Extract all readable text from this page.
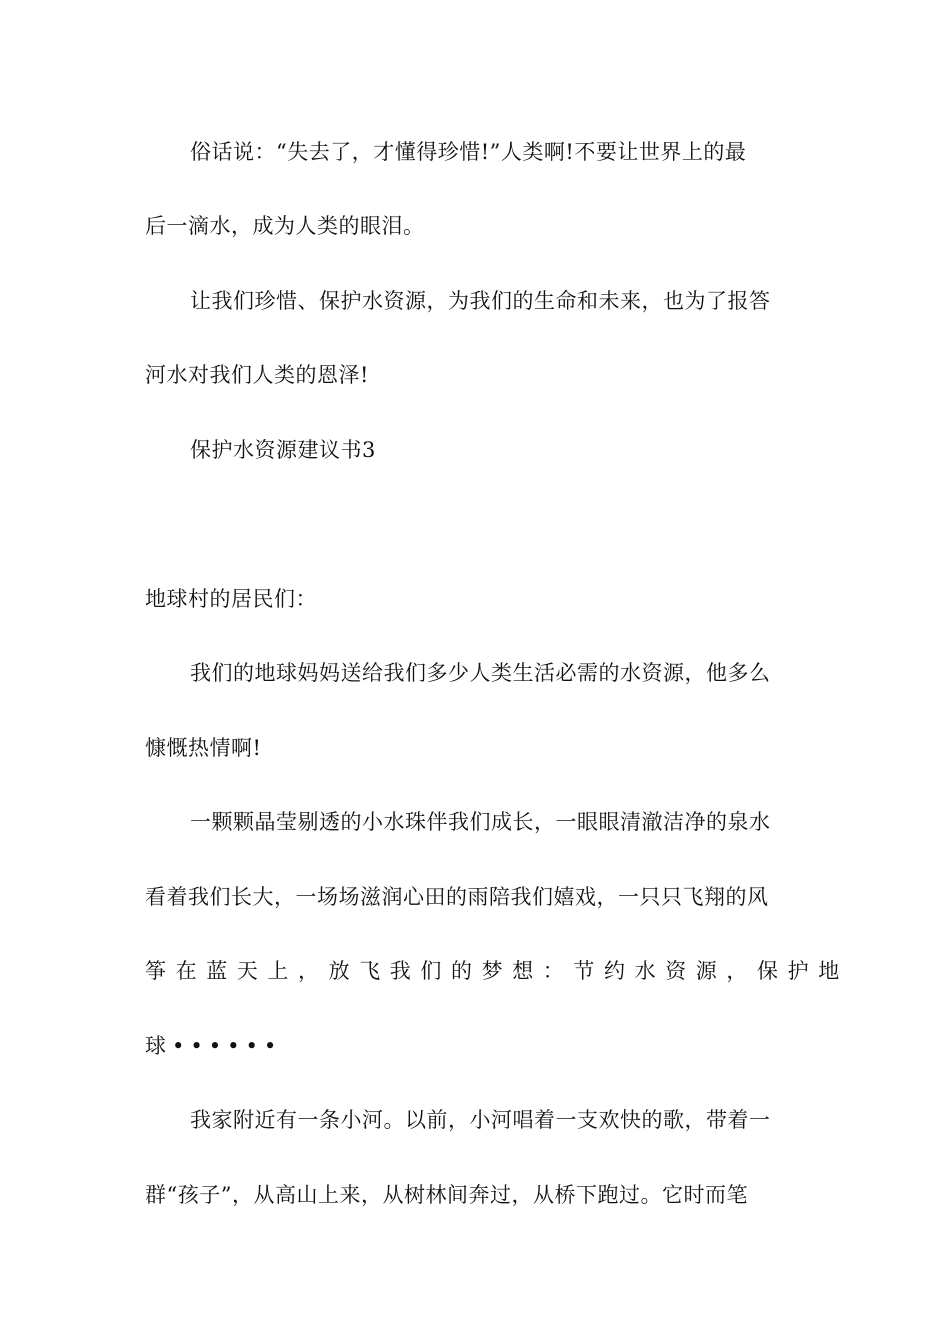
俗话说：“失去了，才懂得珍惜!”人类啊!不要让世界上的最
后一滴水，成为人类的眼泪。
让我们珍惜、保护水资源，为我们的生命和未来，也为了报答
河水对我们人类的恩泽!
保护水资源建议书3
地球村的居民们：
我们的地球妈妈送给我们多少人类生活必需的水资源，他多么
慷慨热情啊!
一颗颗晶莹剔透的小水珠伴我们成长，一眼眼清澈洁净的泉水
看着我们长大，一场场滋润心田的雨陪我们嬉戏，一只只飞翔的风
筝在蓝天上，放飞我们的梦想：节约水资源，保护地
球••••••
我家附近有一条小河。以前，小河唱着一支欢快的歌，带着一
群“孩子”，从高山上来，从树林间奔过，从桥下跑过。它时而笔
